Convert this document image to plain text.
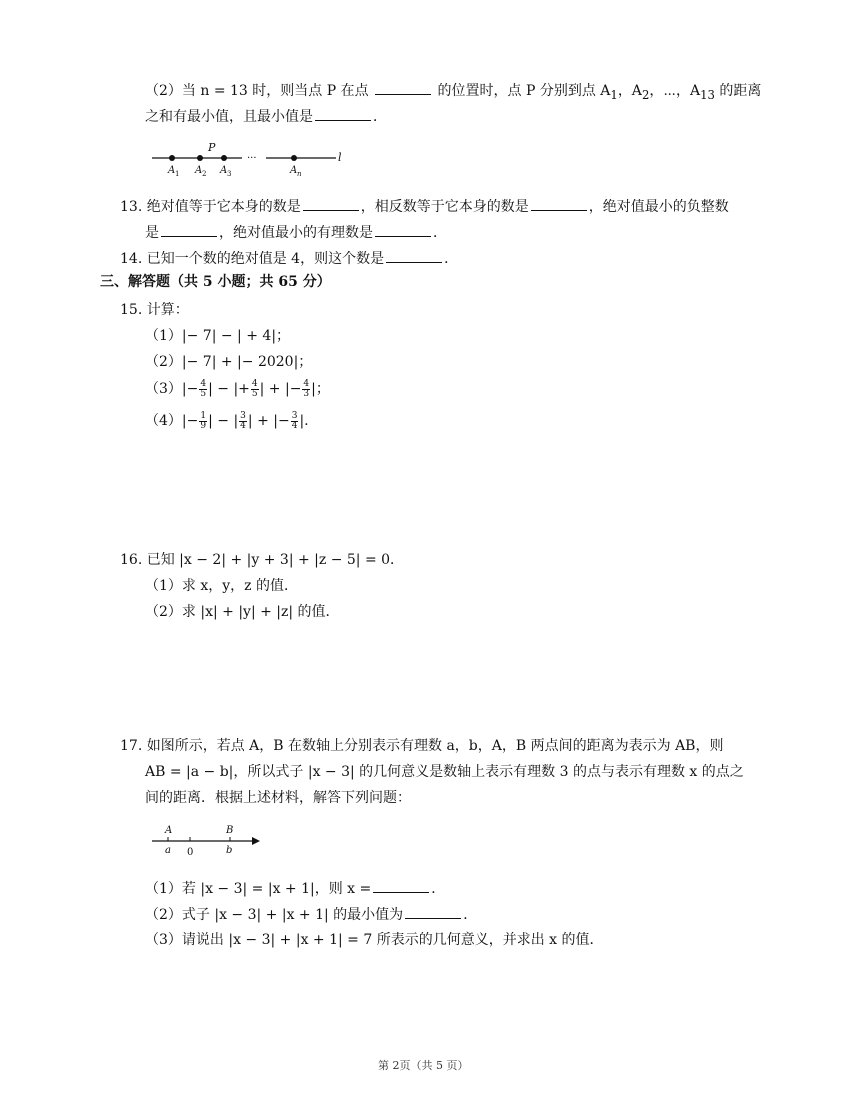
（2）当 n = 13 时，则当点 P 在点	的位置时，点 P 分别到点 $A_1$，$A_2$，⋯，$A_{13}$ 的距离
之和有最小值，且最小值是	．
P
···	l
A 1 A 2 A 3	A n
13. 绝对值等于它本身的数是	，相反数等于它本身的数是	，绝对值最小的负整数
是	，绝对值最小的有理数是	．
14. 已知一个数的绝对值是 4，则这个数是	．
三、解答题（共 5 小题；共 65 分）
15. 计算：
（1）|− 7| − | + 4|；
（2）|− 7| + |− 2020|；
$(3)|- \frac{4}{5}$ | − |+ $\frac{4}{5}$ | + |− $\frac{4}{3}$ |；
$(4)|- \frac{1}{9}$ | − | $\frac{3}{4}$ | + |− $\frac{3}{4}$ |.
16. 已知 |x − 2| + |y + 3| + |z − 5| = 0．
（1）求 x，y，z 的值．
（2）求 |x| + |y| + |z| 的值．
17. 如图所示，若点 A，B 在数轴上分别表示有理数 a，b，A，B 两点间的距离为表示为 AB，则
AB = |a − b|，所以式子 |x − 3| 的几何意义是数轴上表示有理数 3 的点与表示有理数 x 的点之
间的距离．根据上述材料，解答下列问题：
A	B
a 0	b
（1）若 |x − 3| = |x + 1|，则 x =	．
（2）式子 |x − 3| + |x + 1| 的最小值为	．
（3）请说出 |x − 3| + |x + 1| = 7 所表示的几何意义，并求出 x 的值．
第 2页（共 5 页）
